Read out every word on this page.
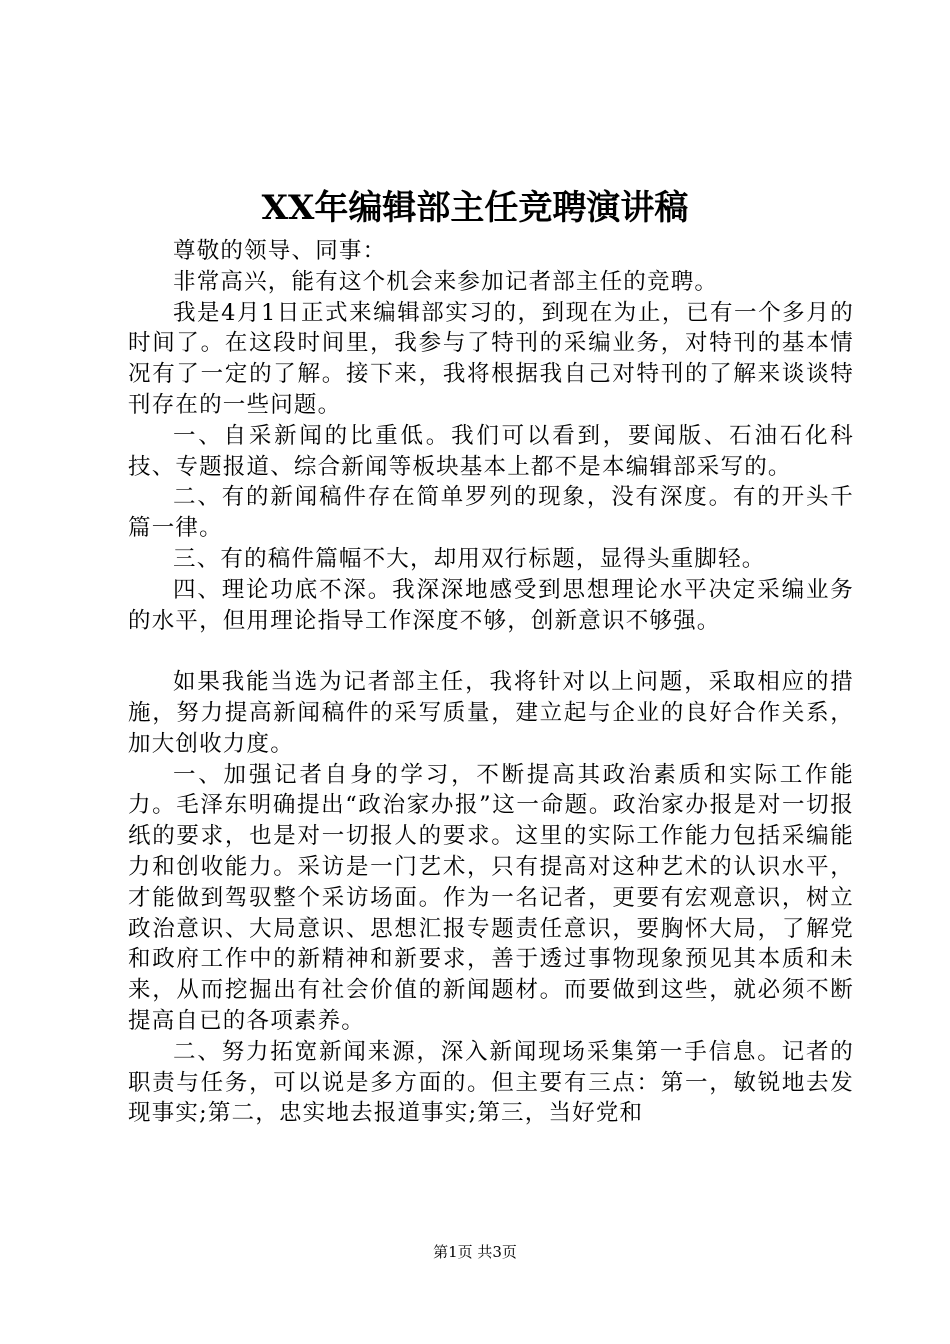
XX年编辑部主任竞聘演讲稿

尊敬的领导、同事：

非常高兴，能有这个机会来参加记者部主任的竞聘。

我是4月1日正式来编辑部实习的，到现在为止，已有一个多月的时间了。在这段时间里，我参与了特刊的采编业务，对特刊的基本情况有了一定的了解。接下来，我将根据我自己对特刊的了解来谈谈特刊存在的一些问题。

一、自采新闻的比重低。我们可以看到，要闻版、石油石化科技、专题报道、综合新闻等板块基本上都不是本编辑部采写的。

二、有的新闻稿件存在简单罗列的现象，没有深度。有的开头千篇一律。

三、有的稿件篇幅不大，却用双行标题，显得头重脚轻。

四、理论功底不深。我深深地感受到思想理论水平决定采编业务的水平，但用理论指导工作深度不够，创新意识不够强。

如果我能当选为记者部主任，我将针对以上问题，采取相应的措施，努力提高新闻稿件的采写质量，建立起与企业的良好合作关系，加大创收力度。

一、加强记者自身的学习，不断提高其政治素质和实际工作能力。毛泽东明确提出“政治家办报”这一命题。政治家办报是对一切报纸的要求，也是对一切报人的要求。这里的实际工作能力包括采编能力和创收能力。采访是一门艺术，只有提高对这种艺术的认识水平，才能做到驾驭整个采访场面。作为一名记者，更要有宏观意识，树立政治意识、大局意识、思想汇报专题责任意识，要胸怀大局，了解党和政府工作中的新精神和新要求，善于透过事物现象预见其本质和未来，从而挖掘出有社会价值的新闻题材。而要做到这些，就必须不断提高自已的各项素养。

二、努力拓宽新闻来源，深入新闻现场采集第一手信息。记者的职责与任务，可以说是多方面的。但主要有三点：第一，敏锐地去发现事实;第二，忠实地去报道事实;第三，当好党和

第1页 共3页
